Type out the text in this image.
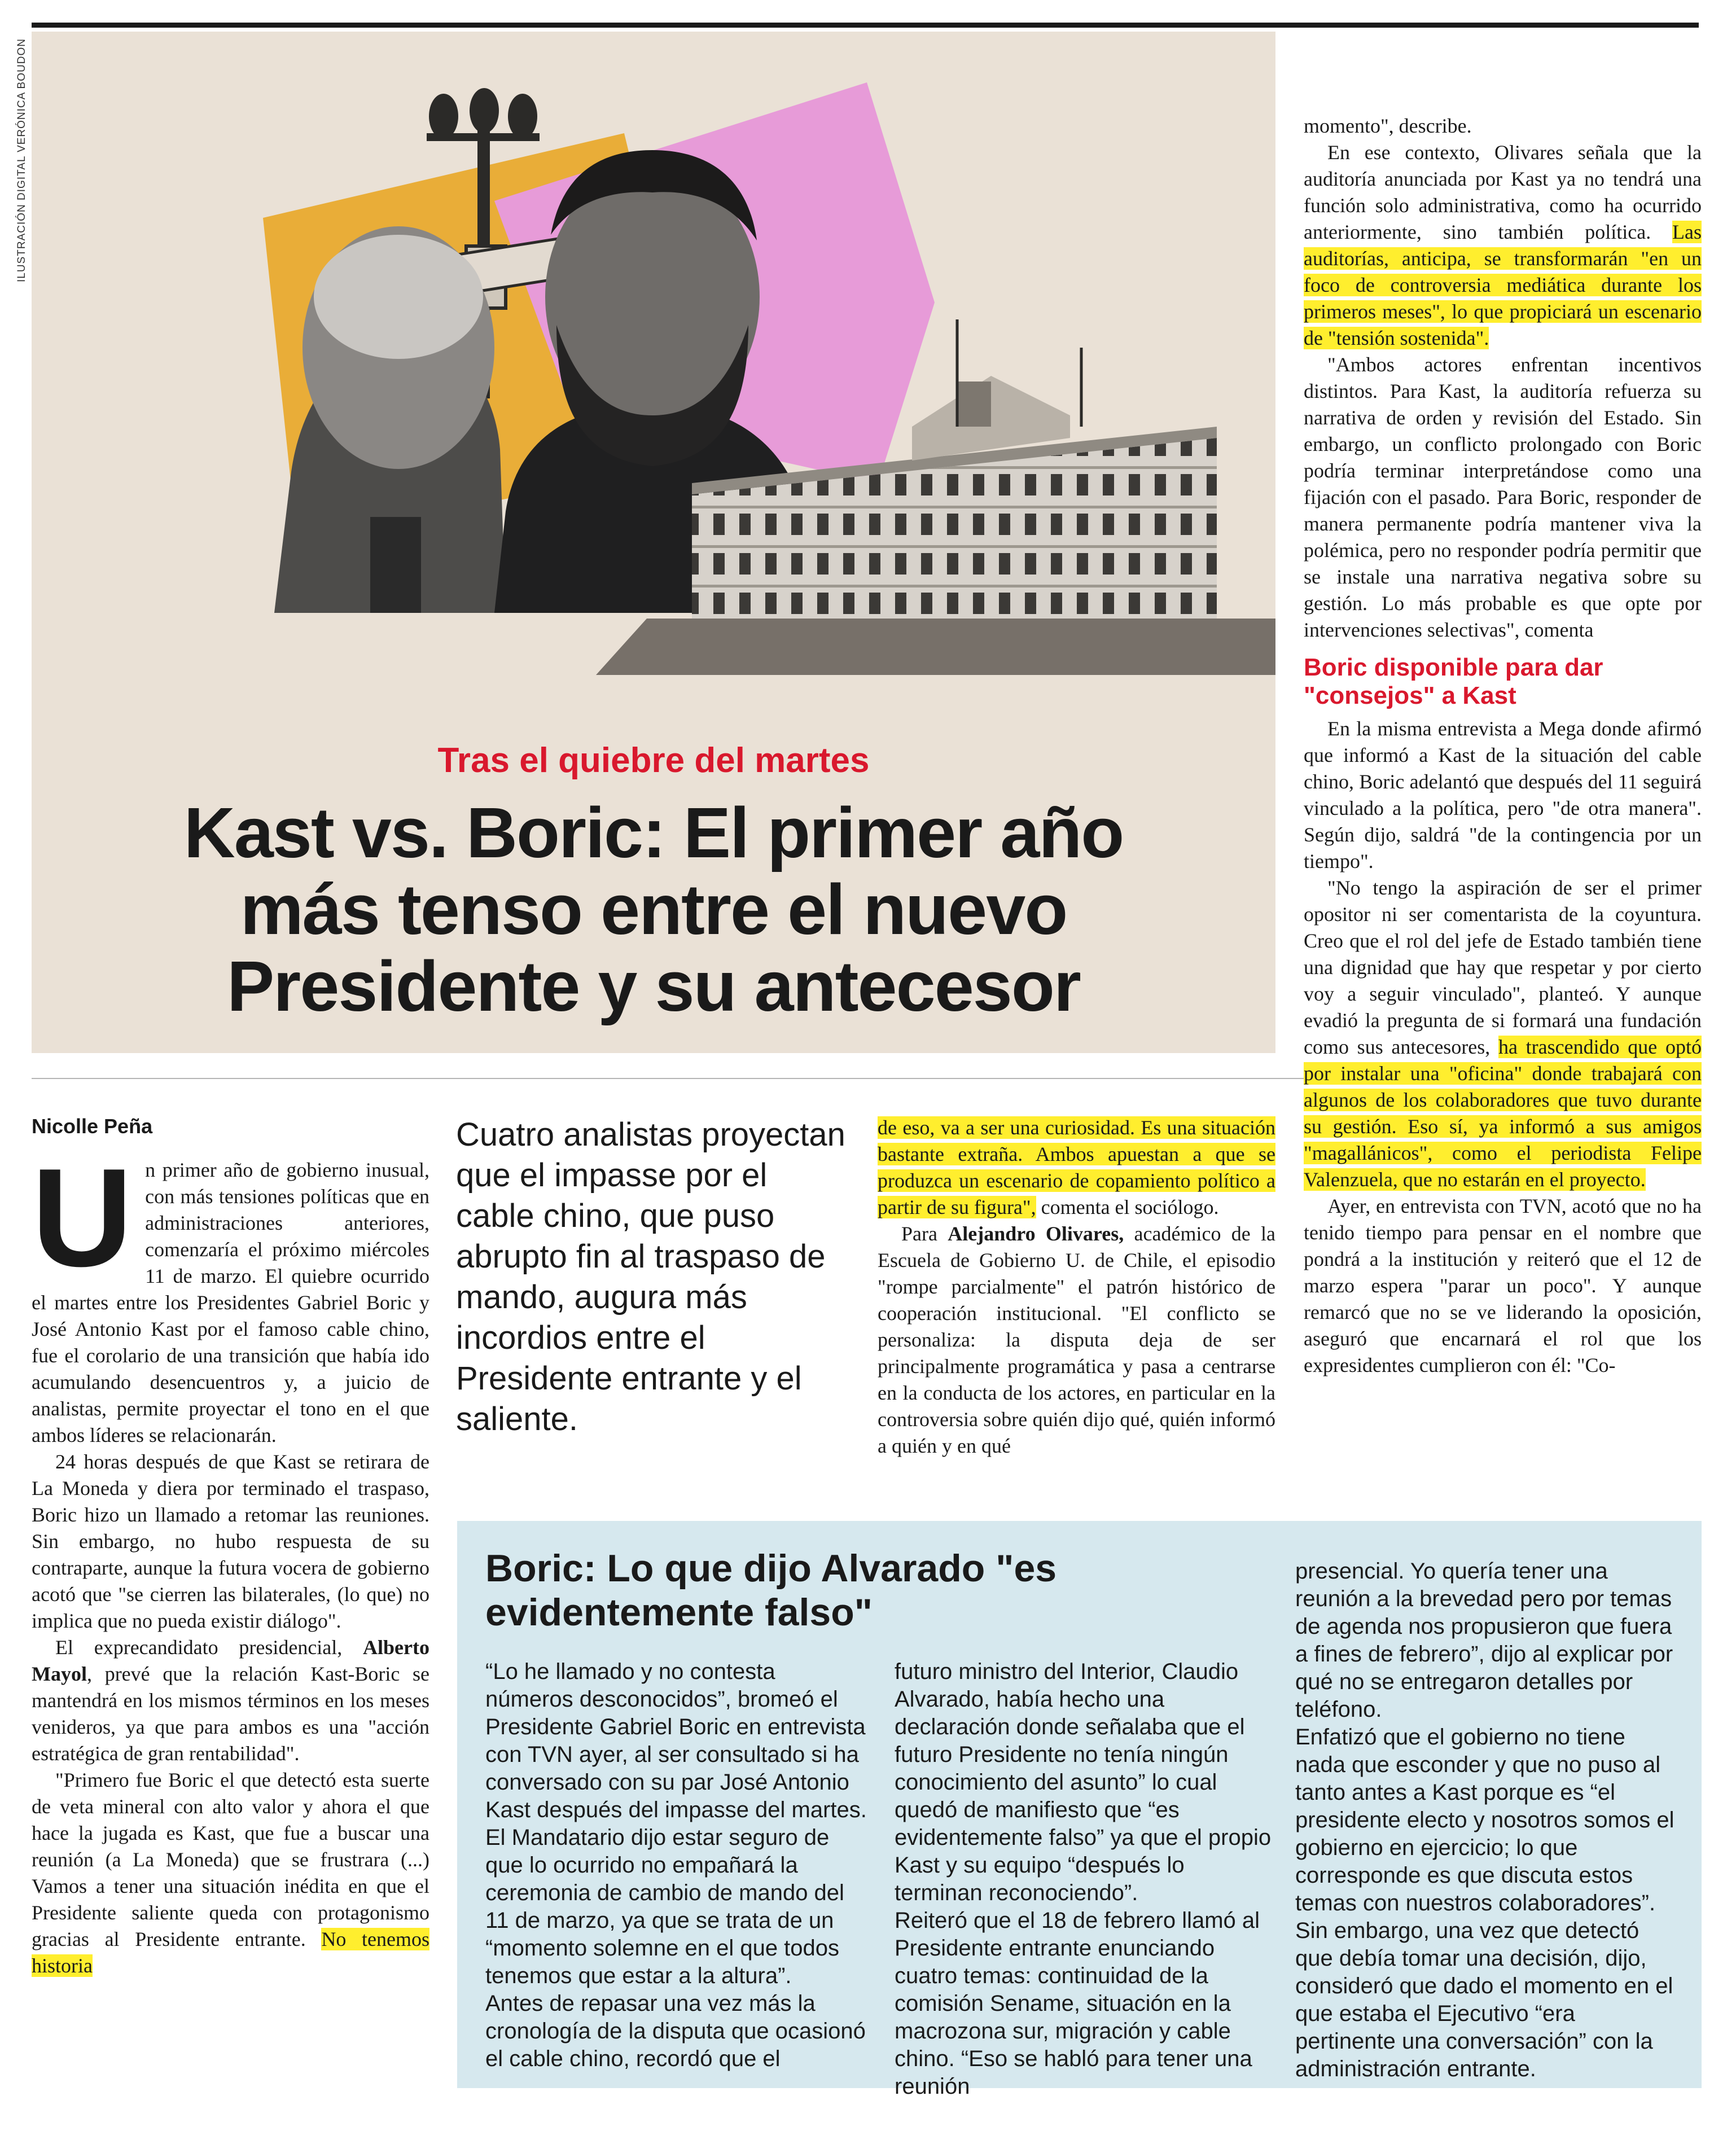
ILUSTRACIÓN DIGITAL VERÓNICA BOUDON
Tras el quiebre del martes
Kast vs. Boric: El primer año
más tenso entre el nuevo
Presidente y su antecesor
Nicolle Peña

Un primer año de gobierno inusual, con más tensiones políticas que en administraciones anteriores, comenzaría el próximo miércoles 11 de marzo. El quiebre ocurrido el martes entre los Presidentes Gabriel Boric y José Antonio Kast por el famoso cable chino, fue el corolario de una transición que había ido acumulando desencuentros y, a juicio de analistas, permite proyectar el tono en el que ambos líderes se relacionarán.

24 horas después de que Kast se retirara de La Moneda y diera por terminado el traspaso, Boric hizo un llamado a retomar las reuniones. Sin embargo, no hubo respuesta de su contraparte, aunque la futura vocera de gobierno acotó que "se cierren las bilaterales, (lo que) no implica que no pueda existir diálogo".

El exprecandidato presidencial, Alberto Mayol, prevé que la relación Kast-Boric se mantendrá en los mismos términos en los meses venideros, ya que para ambos es una "acción estratégica de gran rentabilidad".

"Primero fue Boric el que detectó esta suerte de veta mineral con alto valor y ahora el que hace la jugada es Kast, que fue a buscar una reunión (a La Moneda) que se frustrara (...) Vamos a tener una situación inédita en que el Presidente saliente queda con protagonismo gracias al Presidente entrante. No tenemos historia

Cuatro analistas proyectan que el impasse por el cable chino, que puso abrupto fin al traspaso de mando, augura más incordios entre el Presidente entrante y el saliente.

de eso, va a ser una curiosidad. Es una situación bastante extraña. Ambos apuestan a que se produzca un escenario de copamiento político a partir de su figura", comenta el sociólogo.

Para Alejandro Olivares, académico de la Escuela de Gobierno U. de Chile, el episodio "rompe parcialmente" el patrón histórico de cooperación institucional. "El conflicto se personaliza: la disputa deja de ser principalmente programática y pasa a centrarse en la conducta de los actores, en particular en la controversia sobre quién dijo qué, quién informó a quién y en qué

momento", describe.

En ese contexto, Olivares señala que la auditoría anunciada por Kast ya no tendrá una función solo administrativa, como ha ocurrido anteriormente, sino también política. Las auditorías, anticipa, se transformarán "en un foco de controversia mediática durante los primeros meses", lo que propiciará un escenario de "tensión sostenida".

"Ambos actores enfrentan incentivos distintos. Para Kast, la auditoría refuerza su narrativa de orden y revisión del Estado. Sin embargo, un conflicto prolongado con Boric podría terminar interpretándose como una fijación con el pasado. Para Boric, responder de manera permanente podría mantener viva la polémica, pero no responder podría permitir que se instale una narrativa negativa sobre su gestión. Lo más probable es que opte por intervenciones selectivas", comenta

Boric disponible para dar "consejos" a Kast

En la misma entrevista a Mega donde afirmó que informó a Kast de la situación del cable chino, Boric adelantó que después del 11 seguirá vinculado a la política, pero "de otra manera". Según dijo, saldrá "de la contingencia por un tiempo".

"No tengo la aspiración de ser el primer opositor ni ser comentarista de la coyuntura. Creo que el rol del jefe de Estado también tiene una dignidad que hay que respetar y por cierto voy a seguir vinculado", planteó. Y aunque evadió la pregunta de si formará una fundación como sus antecesores, ha trascendido que optó por instalar una "oficina" donde trabajará con algunos de los colaboradores que tuvo durante su gestión. Eso sí, ya informó a sus amigos "magallánicos", como el periodista Felipe Valenzuela, que no estarán en el proyecto.

Ayer, en entrevista con TVN, acotó que no ha tenido tiempo para pensar en el nombre que pondrá a la institución y reiteró que el 12 de marzo espera "parar un poco". Y aunque remarcó que no se ve liderando la oposición, aseguró que encarnará el rol que los expresidentes cumplieron con él: "Co-

Boric: Lo que dijo Alvarado "es
evidentemente falso"

“Lo he llamado y no contesta números desconocidos”, bromeó el Presidente Gabriel Boric en entrevista con TVN ayer, al ser consultado si ha conversado con su par José Antonio Kast después del impasse del martes.

El Mandatario dijo estar seguro de que lo ocurrido no empañará la ceremonia de cambio de mando del 11 de marzo, ya que se trata de un “momento solemne en el que todos tenemos que estar a la altura”.

Antes de repasar una vez más la cronología de la disputa que ocasionó el cable chino, recordó que el

futuro ministro del Interior, Claudio Alvarado, había hecho una declaración donde señalaba que el futuro Presidente no tenía ningún conocimiento del asunto” lo cual quedó de manifiesto que “es evidentemente falso” ya que el propio Kast y su equipo “después lo terminan reconociendo”.

Reiteró que el 18 de febrero llamó al Presidente entrante enunciando cuatro temas: continuidad de la comisión Sename, situación en la macrozona sur, migración y cable chino. “Eso se habló para tener una reunión

presencial. Yo quería tener una reunión a la brevedad pero por temas de agenda nos propusieron que fuera a fines de febrero”, dijo al explicar por qué no se entregaron detalles por teléfono.

Enfatizó que el gobierno no tiene nada que esconder y que no puso al tanto antes a Kast porque es “el presidente electo y nosotros somos el gobierno en ejercicio; lo que corresponde es que discuta estos temas con nuestros colaboradores”.

Sin embargo, una vez que detectó que debía tomar una decisión, dijo, consideró que dado el momento en el que estaba el Ejecutivo “era pertinente una conversación” con la administración entrante.
